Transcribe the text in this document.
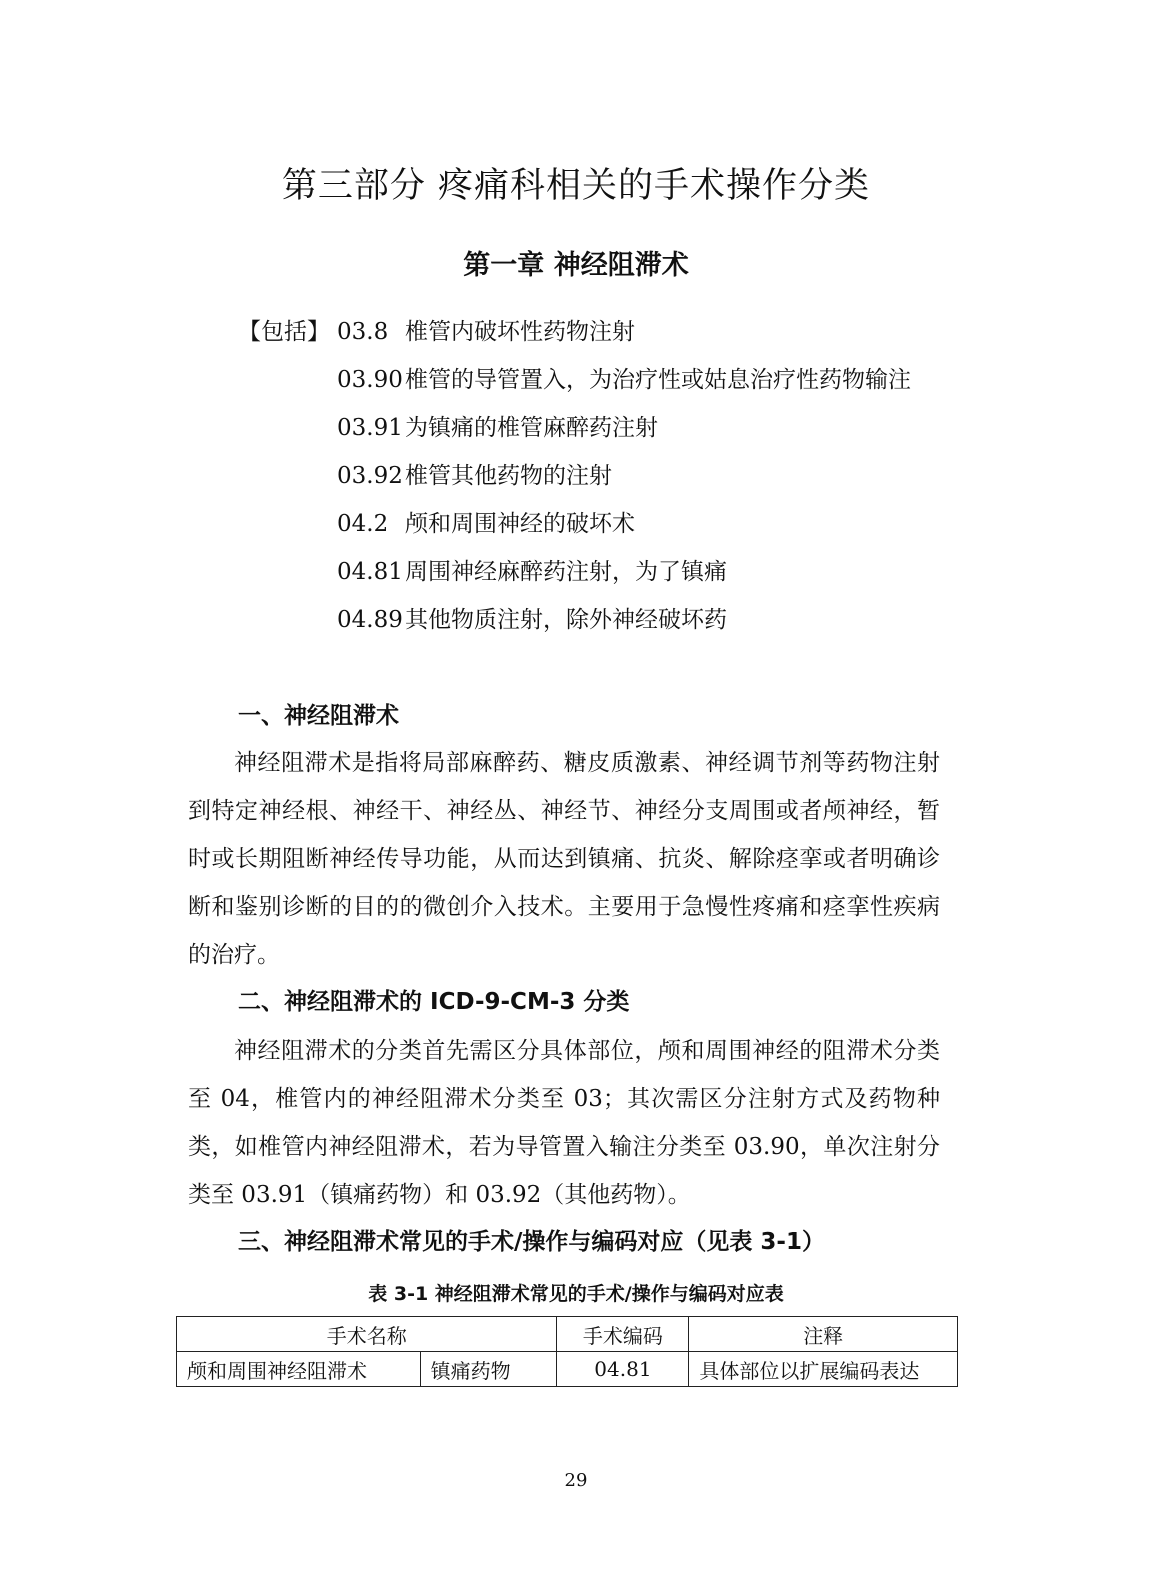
第三部分 疼痛科相关的手术操作分类
第一章 神经阻滞术
【包括】 03.8 椎管内破坏性药物注射
03.90椎管的导管置入，为治疗性或姑息治疗性药物输注
03.91为镇痛的椎管麻醉药注射
03.92椎管其他药物的注射
04.2 颅和周围神经的破坏术
04.81周围神经麻醉药注射，为了镇痛
04.89其他物质注射，除外神经破坏药
一、神经阻滞术

神经阻滞术是指将局部麻醉药、糖皮质激素、神经调节剂等药物注射到特定神经根、神经干、神经丛、神经节、神经分支周围或者颅神经，暂时或长期阻断神经传导功能，从而达到镇痛、抗炎、解除痉挛或者明确诊断和鉴别诊断的目的的微创介入技术。主要用于急慢性疼痛和痉挛性疾病的治疗。

二、神经阻滞术的 ICD-9-CM-3 分类

神经阻滞术的分类首先需区分具体部位，颅和周围神经的阻滞术分类至 04，椎管内的神经阻滞术分类至 03；其次需区分注射方式及药物种类，如椎管内神经阻滞术，若为导管置入输注分类至 03.90，单次注射分类至 03.91（镇痛药物）和 03.92（其他药物）。

三、神经阻滞术常见的手术/操作与编码对应（见表 3-1）
表 3-1 神经阻滞术常见的手术/操作与编码对应表
手术名称		手术编码	注释
颅和周围神经阻滞术	镇痛药物	04.81	具体部位以扩展编码表达
29
